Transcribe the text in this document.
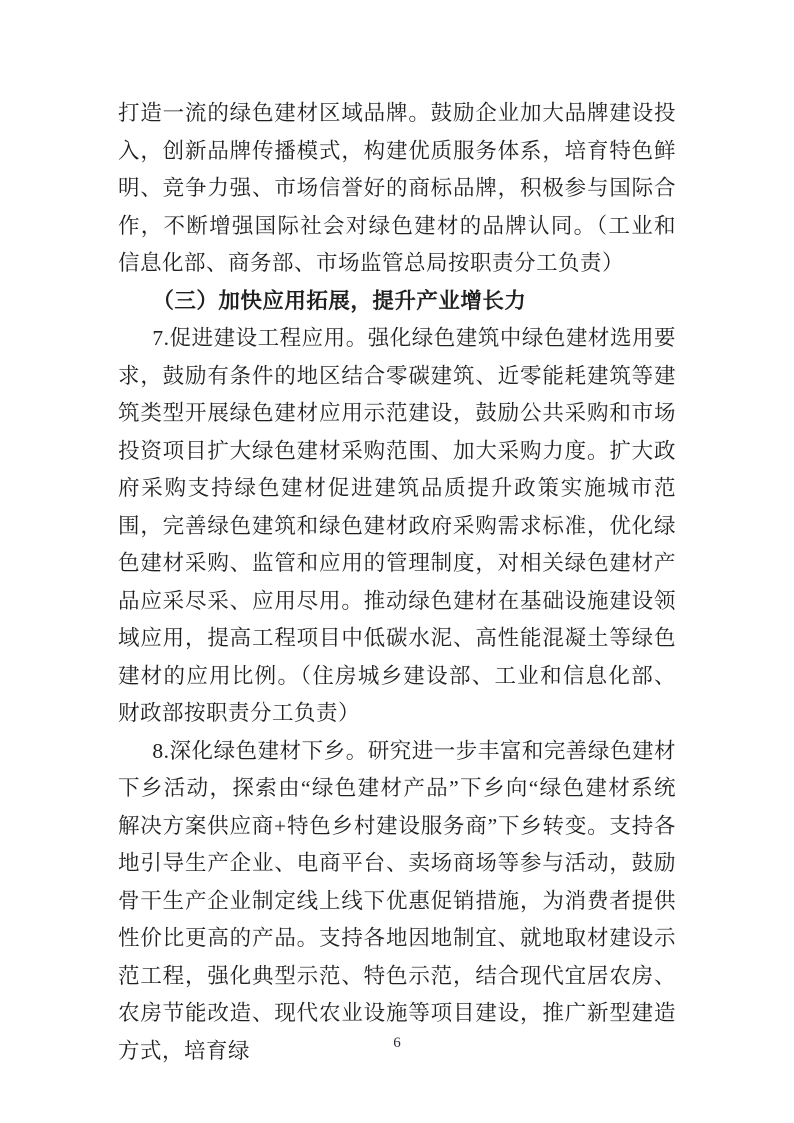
打造一流的绿色建材区域品牌。鼓励企业加大品牌建设投入，创新品牌传播模式，构建优质服务体系，培育特色鲜明、竞争力强、市场信誉好的商标品牌，积极参与国际合作，不断增强国际社会对绿色建材的品牌认同。（工业和信息化部、商务部、市场监管总局按职责分工负责）

（三）加快应用拓展，提升产业增长力

7.促进建设工程应用。强化绿色建筑中绿色建材选用要求，鼓励有条件的地区结合零碳建筑、近零能耗建筑等建筑类型开展绿色建材应用示范建设，鼓励公共采购和市场投资项目扩大绿色建材采购范围、加大采购力度。扩大政府采购支持绿色建材促进建筑品质提升政策实施城市范围，完善绿色建筑和绿色建材政府采购需求标准，优化绿色建材采购、监管和应用的管理制度，对相关绿色建材产品应采尽采、应用尽用。推动绿色建材在基础设施建设领域应用，提高工程项目中低碳水泥、高性能混凝土等绿色建材的应用比例。（住房城乡建设部、工业和信息化部、财政部按职责分工负责）

8.深化绿色建材下乡。研究进一步丰富和完善绿色建材下乡活动，探索由“绿色建材产品”下乡向“绿色建材系统解决方案供应商+特色乡村建设服务商”下乡转变。支持各地引导生产企业、电商平台、卖场商场等参与活动，鼓励骨干生产企业制定线上线下优惠促销措施，为消费者提供性价比更高的产品。支持各地因地制宜、就地取材建设示范工程，强化典型示范、特色示范，结合现代宜居农房、农房节能改造、现代农业设施等项目建设，推广新型建造方式，培育绿	6
